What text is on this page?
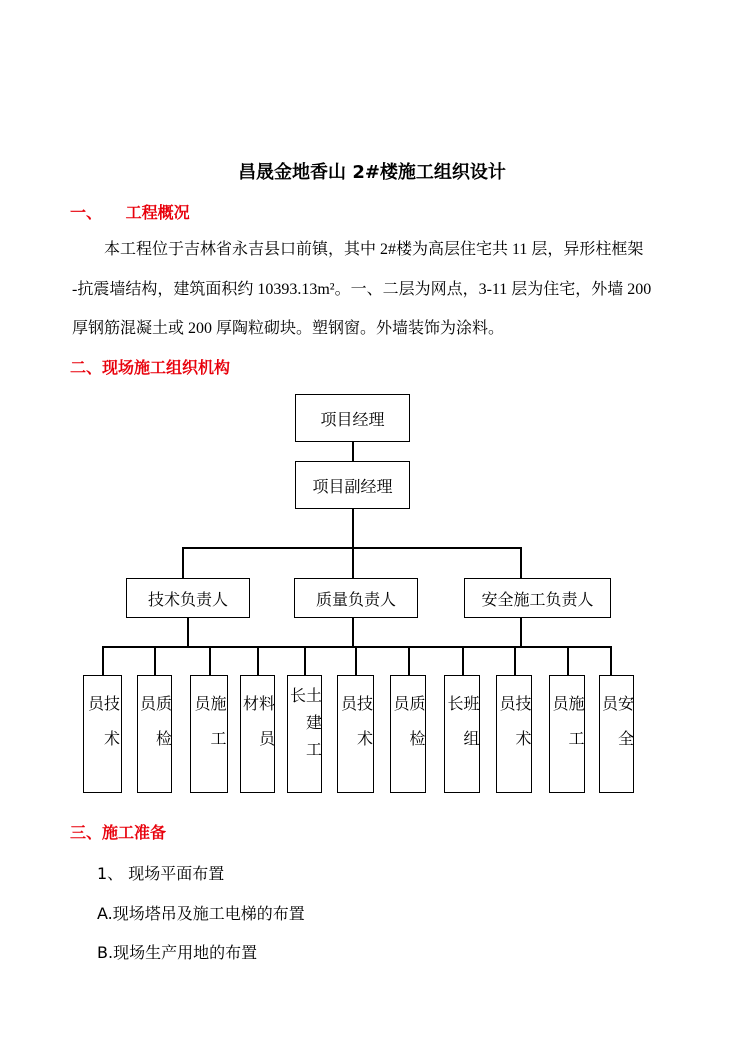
昌晟金地香山 2#楼施工组织设计
一、 工程概况
本工程位于吉林省永吉县口前镇，其中 2#楼为高层住宅共 11 层，异形柱框架
-抗震墙结构，建筑面积约 10393.13m²。一、二层为网点，3-11 层为住宅，外墙 200
厚钢筋混凝土或 200 厚陶粒砌块。塑钢窗。外墙装饰为涂料。
二、现场施工组织机构
项目经理
项目副经理
技术负责人	质量负责人	安全施工负责人
技术员	质检员	施工员	料员材	土建工长	技术员	质检员	班组长	技术员	施工员	安全员
三、施工准备
1、 现场平面布置
A.现场塔吊及施工电梯的布置
B.现场生产用地的布置
